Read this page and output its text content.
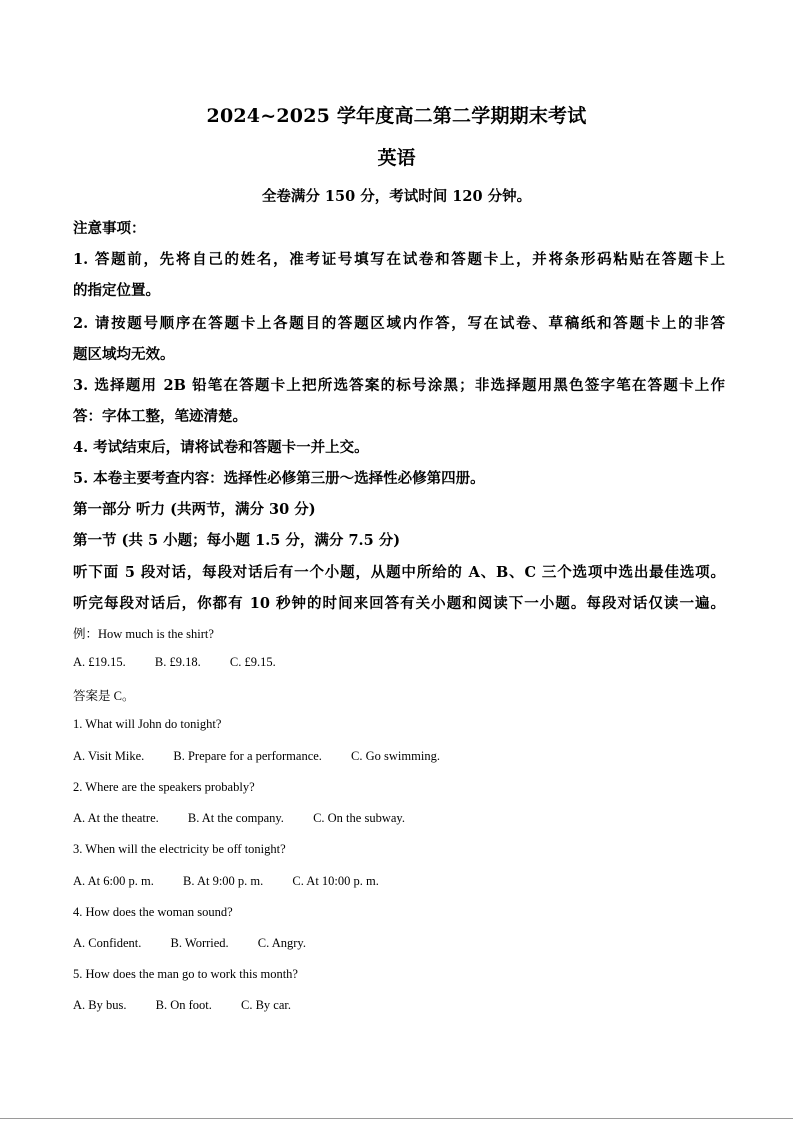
2024~2025 学年度高二第二学期期末考试
英语
全卷满分 150 分，考试时间 120 分钟。
注意事项：
1. 答题前，先将自己的姓名，准考证号填写在试卷和答题卡上，并将条形码粘贴在答题卡上
的指定位置。
2. 请按题号顺序在答题卡上各题目的答题区域内作答，写在试卷、草稿纸和答题卡上的非答
题区域均无效。
3. 选择题用 2B 铅笔在答题卡上把所选答案的标号涂黑；非选择题用黑色签字笔在答题卡上作
答：字体工整，笔迹清楚。
4. 考试结束后，请将试卷和答题卡一并上交。
5. 本卷主要考查内容：选择性必修第三册～选择性必修第四册。
第一部分 听力 (共两节，满分 30 分)
第一节 (共 5 小题；每小题 1.5 分，满分 7.5 分)
听下面 5 段对话，每段对话后有一个小题，从题中所给的 A、B、C 三个选项中选出最佳选项。
听完每段对话后，你都有 10 秒钟的时间来回答有关小题和阅读下一小题。每段对话仅读一遍。
例：How much is the shirt?
A. £19.15. B. £9.18. C. £9.15.
答案是 C。
1. What will John do tonight?
A. Visit Mike. B. Prepare for a performance. C. Go swimming.
2. Where are the speakers probably?
A. At the theatre. B. At the company. C. On the subway.
3. When will the electricity be off tonight?
A. At 6:00 p. m. B. At 9:00 p. m. C. At 10:00 p. m.
4. How does the woman sound?
A. Confident. B. Worried. C. Angry.
5. How does the man go to work this month?
A. By bus. B. On foot. C. By car.
